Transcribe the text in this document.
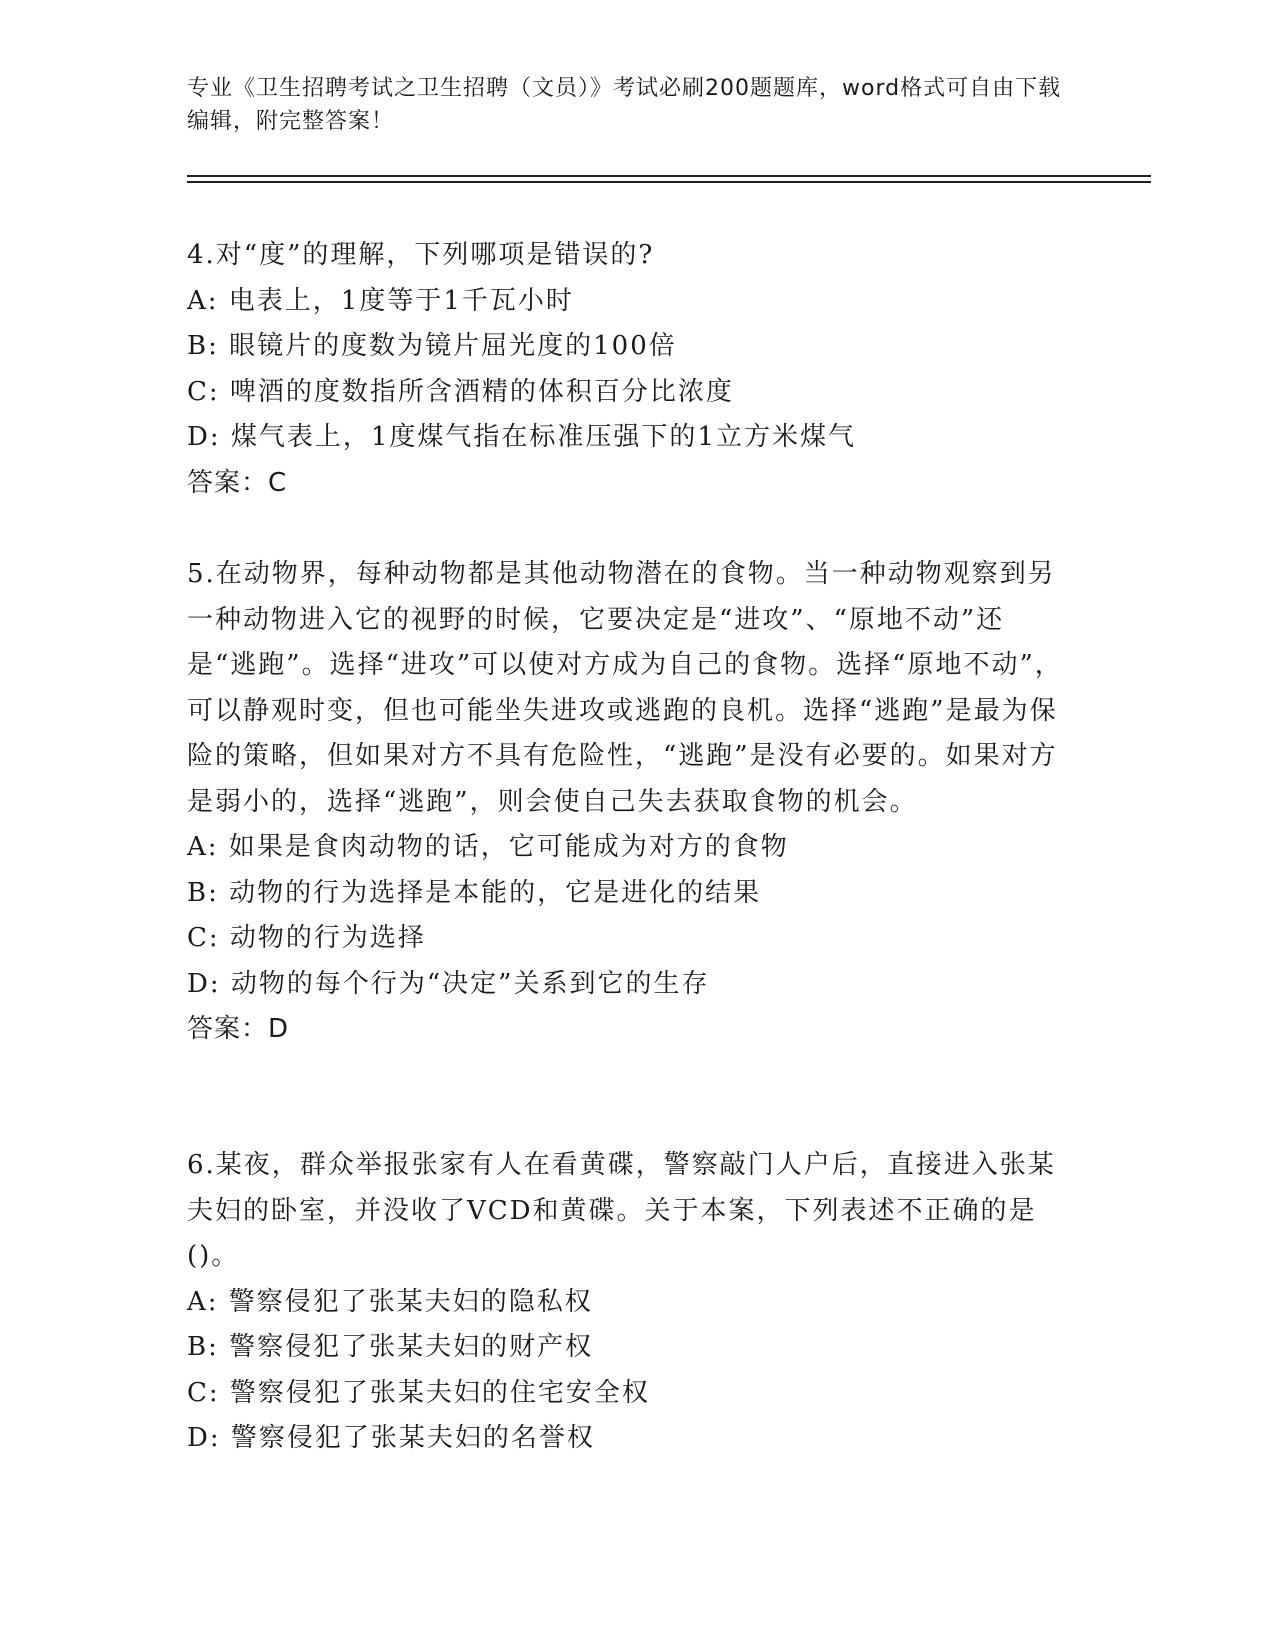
专业《卫生招聘考试之卫生招聘（文员）》考试必刷200题题库，word格式可自由下载编辑，附完整答案！

4.对“度”的理解，下列哪项是错误的?

A: 电表上，1度等于1千瓦小时

B: 眼镜片的度数为镜片屈光度的100倍

C: 啤酒的度数指所含酒精的体积百分比浓度

D: 煤气表上，1度煤气指在标准压强下的1立方米煤气

答案：C

5.在动物界，每种动物都是其他动物潜在的食物。当一种动物观察到另一种动物进入它的视野的时候，它要决定是“进攻”、“原地不动”还是“逃跑”。选择“进攻”可以使对方成为自己的食物。选择“原地不动”，可以静观时变，但也可能坐失进攻或逃跑的良机。选择“逃跑”是最为保险的策略，但如果对方不具有危险性，“逃跑”是没有必要的。如果对方是弱小的，选择“逃跑”，则会使自己失去获取食物的机会。

A: 如果是食肉动物的话，它可能成为对方的食物

B: 动物的行为选择是本能的，它是进化的结果

C: 动物的行为选择

D: 动物的每个行为“决定”关系到它的生存

答案：D

6.某夜，群众举报张家有人在看黄碟，警察敲门人户后，直接进入张某夫妇的卧室，并没收了VCD和黄碟。关于本案，下列表述不正确的是()。

A: 警察侵犯了张某夫妇的隐私权

B: 警察侵犯了张某夫妇的财产权

C: 警察侵犯了张某夫妇的住宅安全权

D: 警察侵犯了张某夫妇的名誉权
